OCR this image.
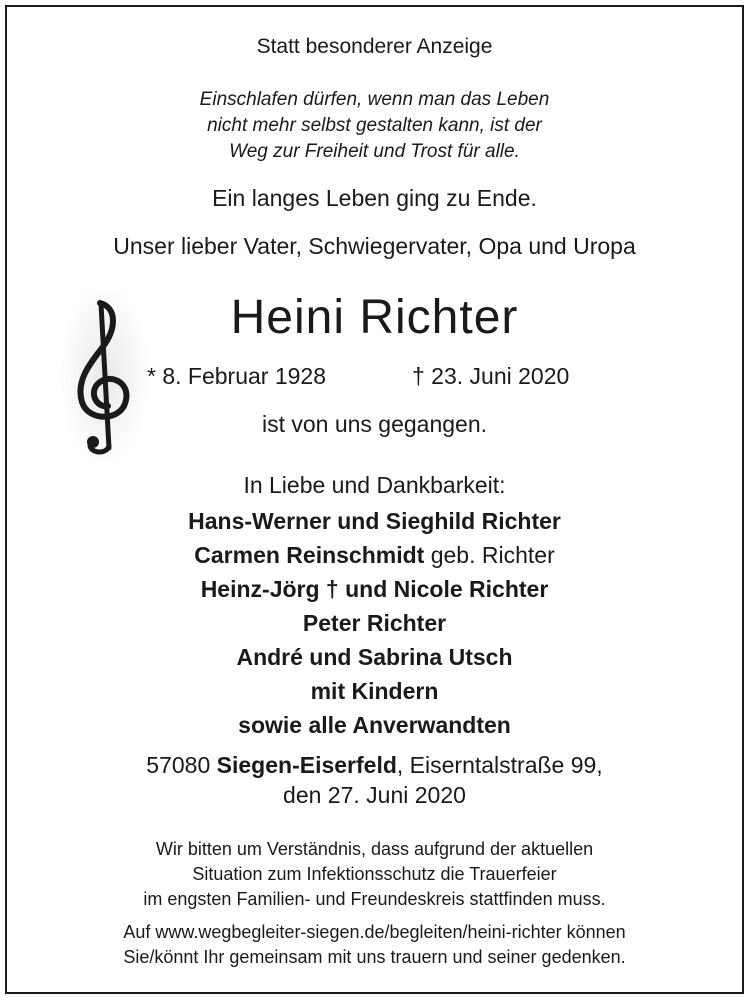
Statt besonderer Anzeige
Einschlafen dürfen, wenn man das Leben
nicht mehr selbst gestalten kann, ist der
Weg zur Freiheit und Trost für alle.
Ein langes Leben ging zu Ende.
Unser lieber Vater, Schwiegervater, Opa und Uropa
Heini Richter
* 8. Februar 1928	† 23. Juni 2020
ist von uns gegangen.
In Liebe und Dankbarkeit:
Hans-Werner und Sieghild Richter
Carmen Reinschmidt geb. Richter
Heinz-Jörg † und Nicole Richter
Peter Richter
André und Sabrina Utsch
mit Kindern
sowie alle Anverwandten
57080 Siegen-Eiserfeld, Eiserntalstraße 99,
den 27. Juni 2020
Wir bitten um Verständnis, dass aufgrund der aktuellen
Situation zum Infektionsschutz die Trauerfeier
im engsten Familien- und Freundeskreis stattfinden muss.
Auf www.wegbegleiter-siegen.de/begleiten/heini-richter können
Sie/könnt Ihr gemeinsam mit uns trauern und seiner gedenken.
